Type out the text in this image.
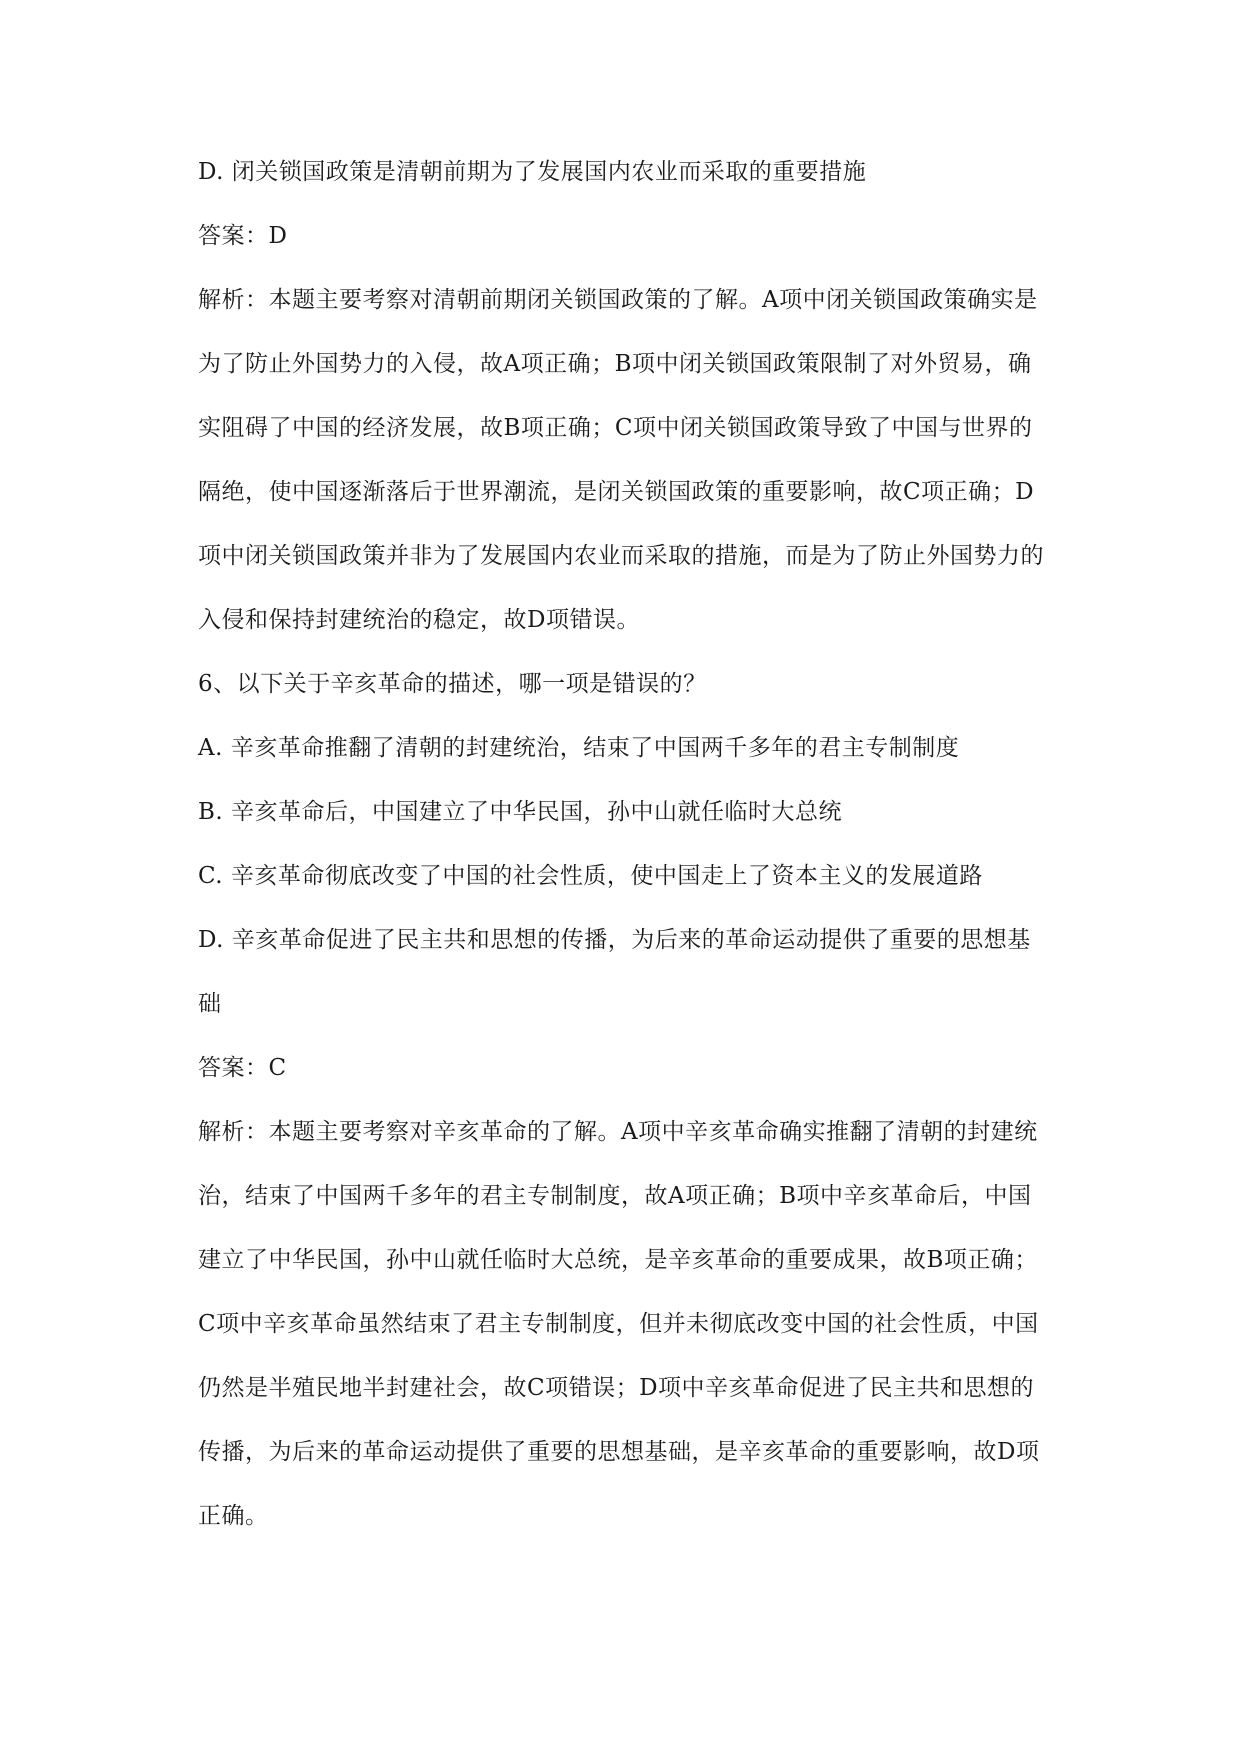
D. 闭关锁国政策是清朝前期为了发展国内农业而采取的重要措施
答案：D
解析：本题主要考察对清朝前期闭关锁国政策的了解。A项中闭关锁国政策确实是
为了防止外国势力的入侵，故A项正确；B项中闭关锁国政策限制了对外贸易，确
实阻碍了中国的经济发展，故B项正确；C项中闭关锁国政策导致了中国与世界的
隔绝，使中国逐渐落后于世界潮流，是闭关锁国政策的重要影响，故C项正确；D
项中闭关锁国政策并非为了发展国内农业而采取的措施，而是为了防止外国势力的
入侵和保持封建统治的稳定，故D项错误。
6、以下关于辛亥革命的描述，哪一项是错误的？
A. 辛亥革命推翻了清朝的封建统治，结束了中国两千多年的君主专制制度
B. 辛亥革命后，中国建立了中华民国，孙中山就任临时大总统
C. 辛亥革命彻底改变了中国的社会性质，使中国走上了资本主义的发展道路
D. 辛亥革命促进了民主共和思想的传播，为后来的革命运动提供了重要的思想基
础
答案：C
解析：本题主要考察对辛亥革命的了解。A项中辛亥革命确实推翻了清朝的封建统
治，结束了中国两千多年的君主专制制度，故A项正确；B项中辛亥革命后，中国
建立了中华民国，孙中山就任临时大总统，是辛亥革命的重要成果，故B项正确；
C项中辛亥革命虽然结束了君主专制制度，但并未彻底改变中国的社会性质，中国
仍然是半殖民地半封建社会，故C项错误；D项中辛亥革命促进了民主共和思想的
传播，为后来的革命运动提供了重要的思想基础，是辛亥革命的重要影响，故D项
正确。
